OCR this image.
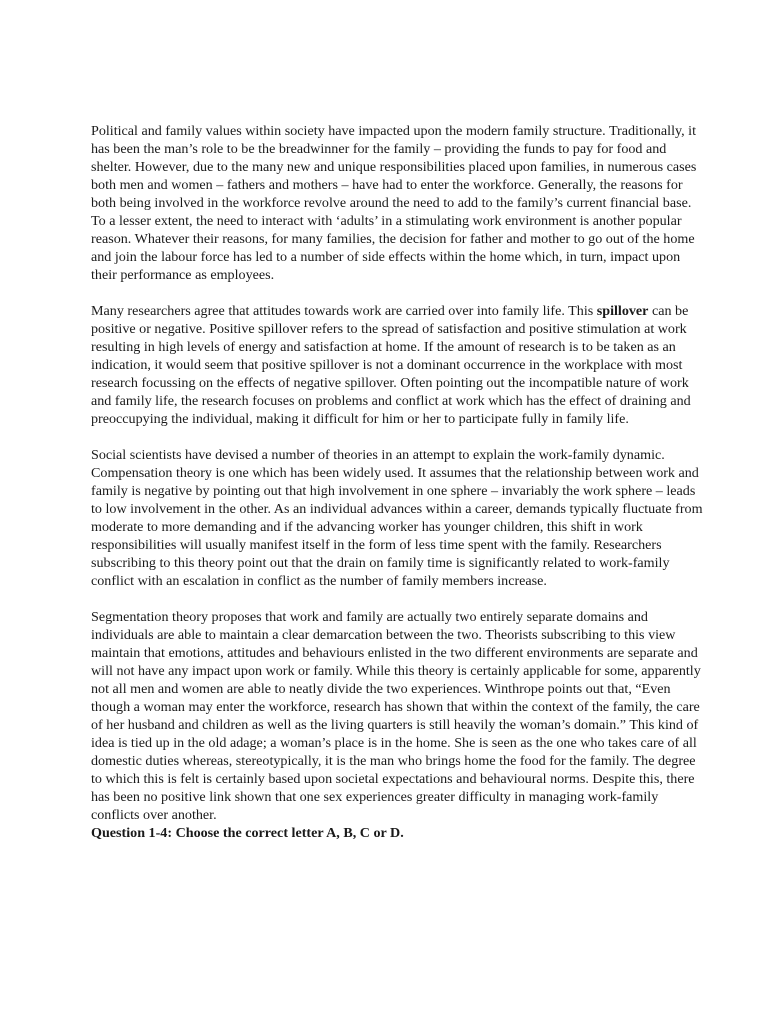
Political and family values within society have impacted upon the modern family structure. Traditionally, it has been the man’s role to be the breadwinner for the family – providing the funds to pay for food and shelter. However, due to the many new and unique responsibilities placed upon families, in numerous cases both men and women – fathers and mothers – have had to enter the workforce. Generally, the reasons for both being involved in the workforce revolve around the need to add to the family’s current financial base. To a lesser extent, the need to interact with ‘adults’ in a stimulating work environment is another popular reason. Whatever their reasons, for many families, the decision for father and mother to go out of the home and join the labour force has led to a number of side effects within the home which, in turn, impact upon their performance as employees.

Many researchers agree that attitudes towards work are carried over into family life. This spillover can be positive or negative. Positive spillover refers to the spread of satisfaction and positive stimulation at work resulting in high levels of energy and satisfaction at home. If the amount of research is to be taken as an indication, it would seem that positive spillover is not a dominant occurrence in the workplace with most research focussing on the effects of negative spillover. Often pointing out the incompatible nature of work and family life, the research focuses on problems and conflict at work which has the effect of draining and preoccupying the individual, making it difficult for him or her to participate fully in family life.

Social scientists have devised a number of theories in an attempt to explain the work-family dynamic. Compensation theory is one which has been widely used. It assumes that the relationship between work and family is negative by pointing out that high involvement in one sphere – invariably the work sphere – leads to low involvement in the other. As an individual advances within a career, demands typically fluctuate from moderate to more demanding and if the advancing worker has younger children, this shift in work responsibilities will usually manifest itself in the form of less time spent with the family. Researchers subscribing to this theory point out that the drain on family time is significantly related to work-family conflict with an escalation in conflict as the number of family members increase.

Segmentation theory proposes that work and family are actually two entirely separate domains and individuals are able to maintain a clear demarcation between the two. Theorists subscribing to this view maintain that emotions, attitudes and behaviours enlisted in the two different environments are separate and will not have any impact upon work or family. While this theory is certainly applicable for some, apparently not all men and women are able to neatly divide the two experiences. Winthrope points out that, “Even though a woman may enter the workforce, research has shown that within the context of the family, the care of her husband and children as well as the living quarters is still heavily the woman’s domain.” This kind of idea is tied up in the old adage; a woman’s place is in the home. She is seen as the one who takes care of all domestic duties whereas, stereotypically, it is the man who brings home the food for the family. The degree to which this is felt is certainly based upon societal expectations and behavioural norms. Despite this, there has been no positive link shown that one sex experiences greater difficulty in managing work-family conflicts over another.

Question 1-4: Choose the correct letter A, B, C or D.
